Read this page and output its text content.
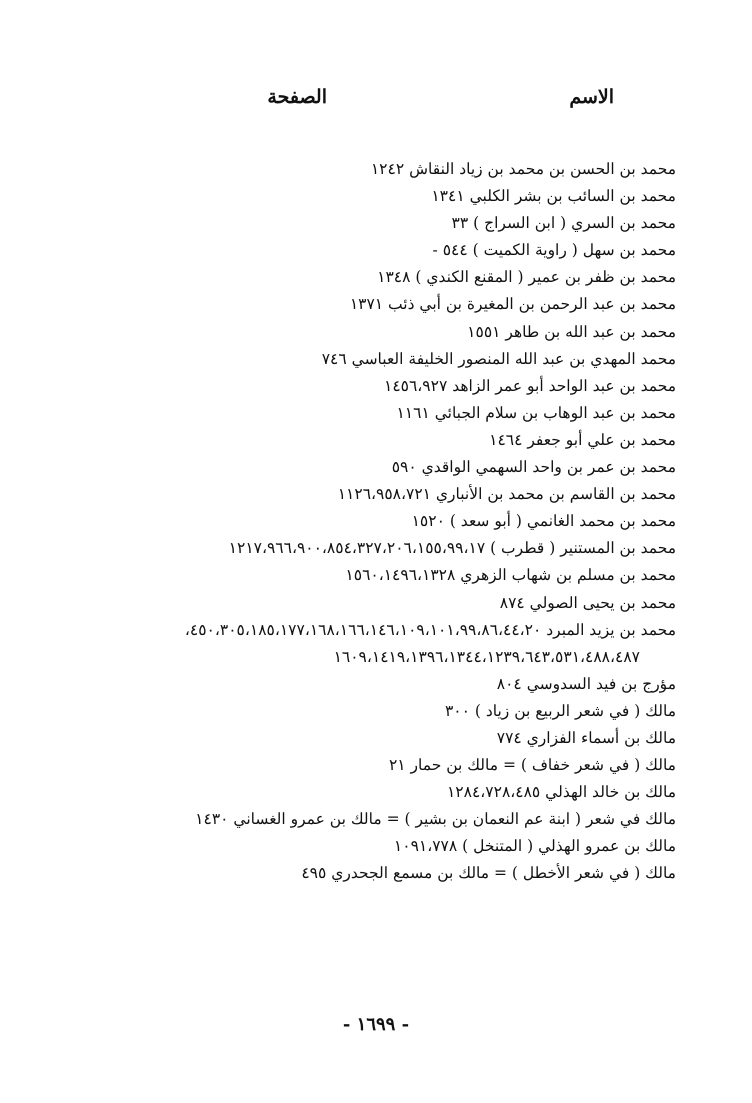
الاسم
الصفحة
محمد بن الحسن بن محمد بن زياد النقاش ١٢٤٢
محمد بن السائب بن بشر الكلبي ١٣٤١
محمد بن السري ( ابن السراج ) ٣٣
محمد بن سهل ( راوية الكميت ) ٥٤٤ -
محمد بن ظفر بن عمير ( المقنع الكندي ) ١٣٤٨
محمد بن عبد الرحمن بن المغيرة بن أبي ذئب ١٣٧١
محمد بن عبد الله بن طاهر ١٥٥١
محمد المهدي بن عبد الله المنصور الخليفة العباسي ٧٤٦
محمد بن عبد الواحد أبو عمر الزاهد ١٤٥٦،٩٢٧
محمد بن عبد الوهاب بن سلام الجبائي ١١٦١
محمد بن علي أبو جعفر ١٤٦٤
محمد بن عمر بن واحد السهمي الواقدي ٥٩٠
محمد بن القاسم بن محمد بن الأنباري ١١٢٦،٩٥٨،٧٢١
محمد بن محمد الغانمي ( أبو سعد ) ١٥٢٠
محمد بن المستنير ( قطرب ) ١٢١٧،٩٦٦،٩٠٠،٨٥٤،٣٢٧،٢٠٦،١٥٥،٩٩،١٧
محمد بن مسلم بن شهاب الزهري ١٥٦٠،١٤٩٦،١٣٢٨
محمد بن يحيى الصولي ٨٧٤
محمد بن يزيد المبرد ٤٥٠،٣٠٥،١٨٥،١٧٧،١٦٨،١٦٦،١٤٦،١٠٩،١٠١،٩٩،٨٦،٤٤،٢٠،
١٦٠٩،١٤١٩،١٣٩٦،١٣٤٤،١٢٣٩،٦٤٣،٥٣١،٤٨٨،٤٨٧
مؤرج بن فيد السدوسي ٨٠٤
مالك ( في شعر الربيع بن زياد ) ٣٠٠
مالك بن أسماء الفزاري ٧٧٤
مالك ( في شعر خفاف ) = مالك بن حمار ٢١
مالك بن خالد الهذلي ١٢٨٤،٧٢٨،٤٨٥
مالك في شعر ( ابنة عم النعمان بن بشير ) = مالك بن عمرو الغساني ١٤٣٠
مالك بن عمرو الهذلي ( المتنخل ) ١٠٩١،٧٧٨
مالك ( في شعر الأخطل ) = مالك بن مسمع الجحدري ٤٩٥
- ١٦٩٩ -
